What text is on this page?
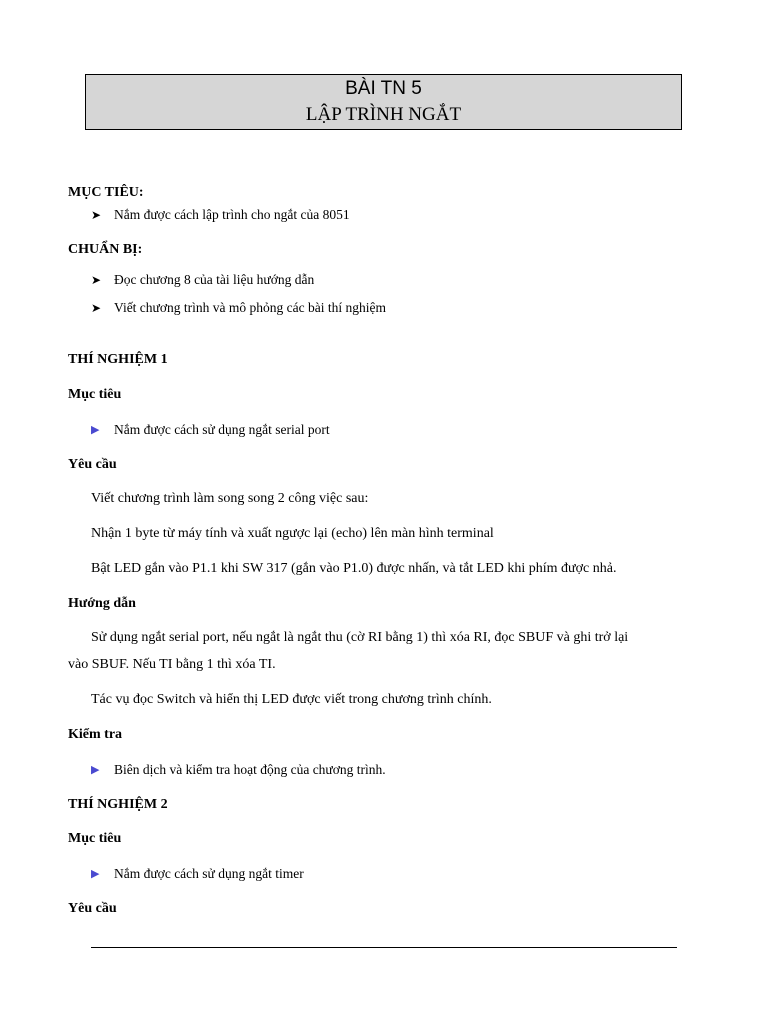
BÀI TN 5
LẬP TRÌNH NGẮT
MỤC TIÊU:
➤ Nắm được cách lập trình cho ngắt của 8051
CHUẨN BỊ:
➤ Đọc chương 8 của tài liệu hướng dẫn
➤ Viết chương trình và mô phỏng các bài thí nghiệm
THÍ NGHIỆM 1
Mục tiêu
▶ Nắm được cách sử dụng ngắt serial port
Yêu cầu
Viết chương trình làm song song 2 công việc sau:
Nhận 1 byte từ máy tính và xuất ngược lại (echo) lên màn hình terminal
Bật LED gắn vào P1.1 khi SW 317 (gắn vào P1.0) được nhấn, và tắt LED khi phím được nhả.
Hướng dẫn
Sử dụng ngắt serial port, nếu ngắt là ngắt thu (cờ RI bằng 1) thì xóa RI, đọc SBUF và ghi trở lại
vào SBUF. Nếu TI bằng 1 thì xóa TI.
Tác vụ đọc Switch và hiển thị LED được viết trong chương trình chính.
Kiểm tra
▶ Biên dịch và kiểm tra hoạt động của chương trình.
THÍ NGHIỆM 2
Mục tiêu
▶ Nắm được cách sử dụng ngắt timer
Yêu cầu
